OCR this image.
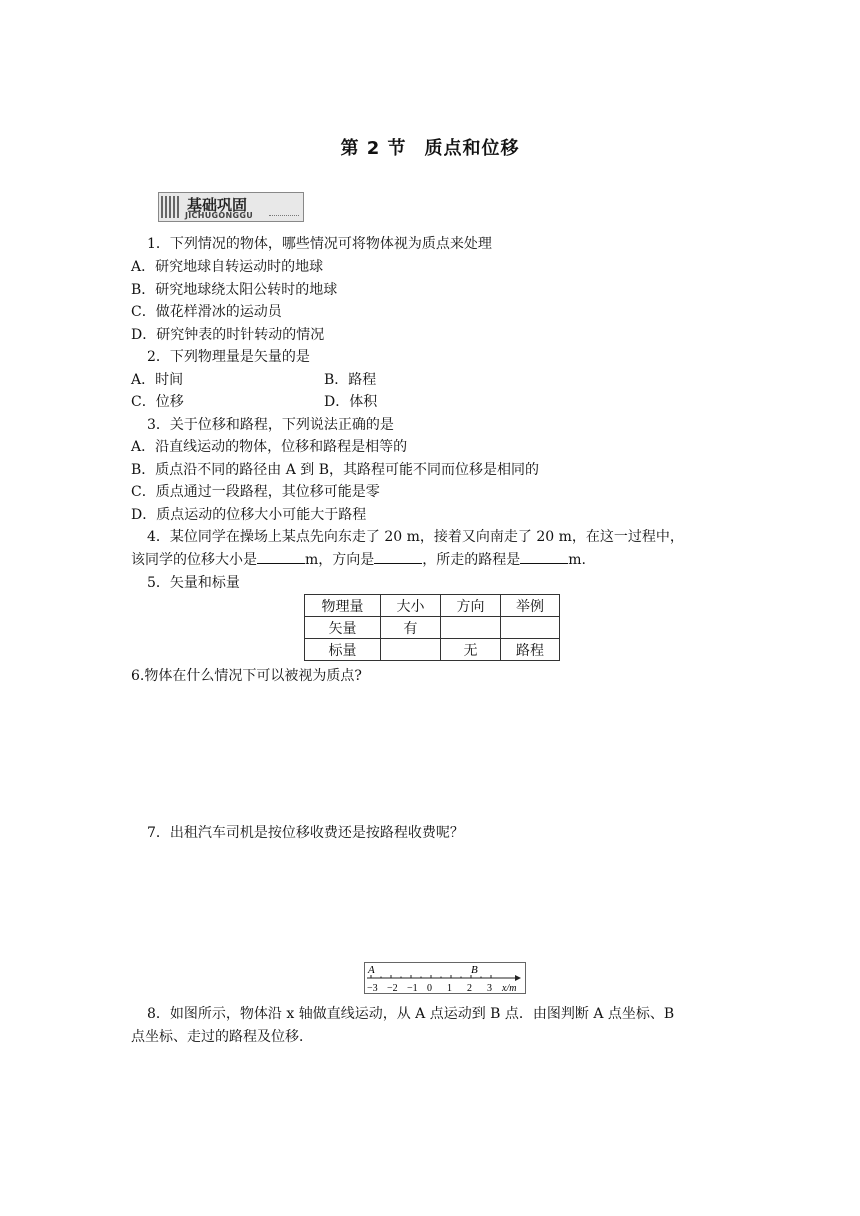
第 2 节 质点和位移
基础巩固
JICHUGONGGU
1．下列情况的物体，哪些情况可将物体视为质点来处理
A．研究地球自转运动时的地球
B．研究地球绕太阳公转时的地球
C．做花样滑冰的运动员
D．研究钟表的时针转动的情况
2．下列物理量是矢量的是
A．时间	B．路程
C．位移	D．体积
3．关于位移和路程，下列说法正确的是
A．沿直线运动的物体，位移和路程是相等的
B．质点沿不同的路径由 A 到 B，其路程可能不同而位移是相同的
C．质点通过一段路程，其位移可能是零
D．质点运动的位移大小可能大于路程
4．某位同学在操场上某点先向东走了 20 m，接着又向南走了 20 m，在这一过程中，
该同学的位移大小是	m，方向是	，所走的路程是	m.
5．矢量和标量
物理量	大小	方向	举例
矢量	有		
标量		无	路程
6.物体在什么情况下可以被视为质点?
7．出租汽车司机是按位移收费还是按路程收费呢？
A	B
−3 −2 −1 0 1 2 3 x/m
8．如图所示，物体沿 x 轴做直线运动，从 A 点运动到 B 点．由图判断 A 点坐标、B
点坐标、走过的路程及位移．
